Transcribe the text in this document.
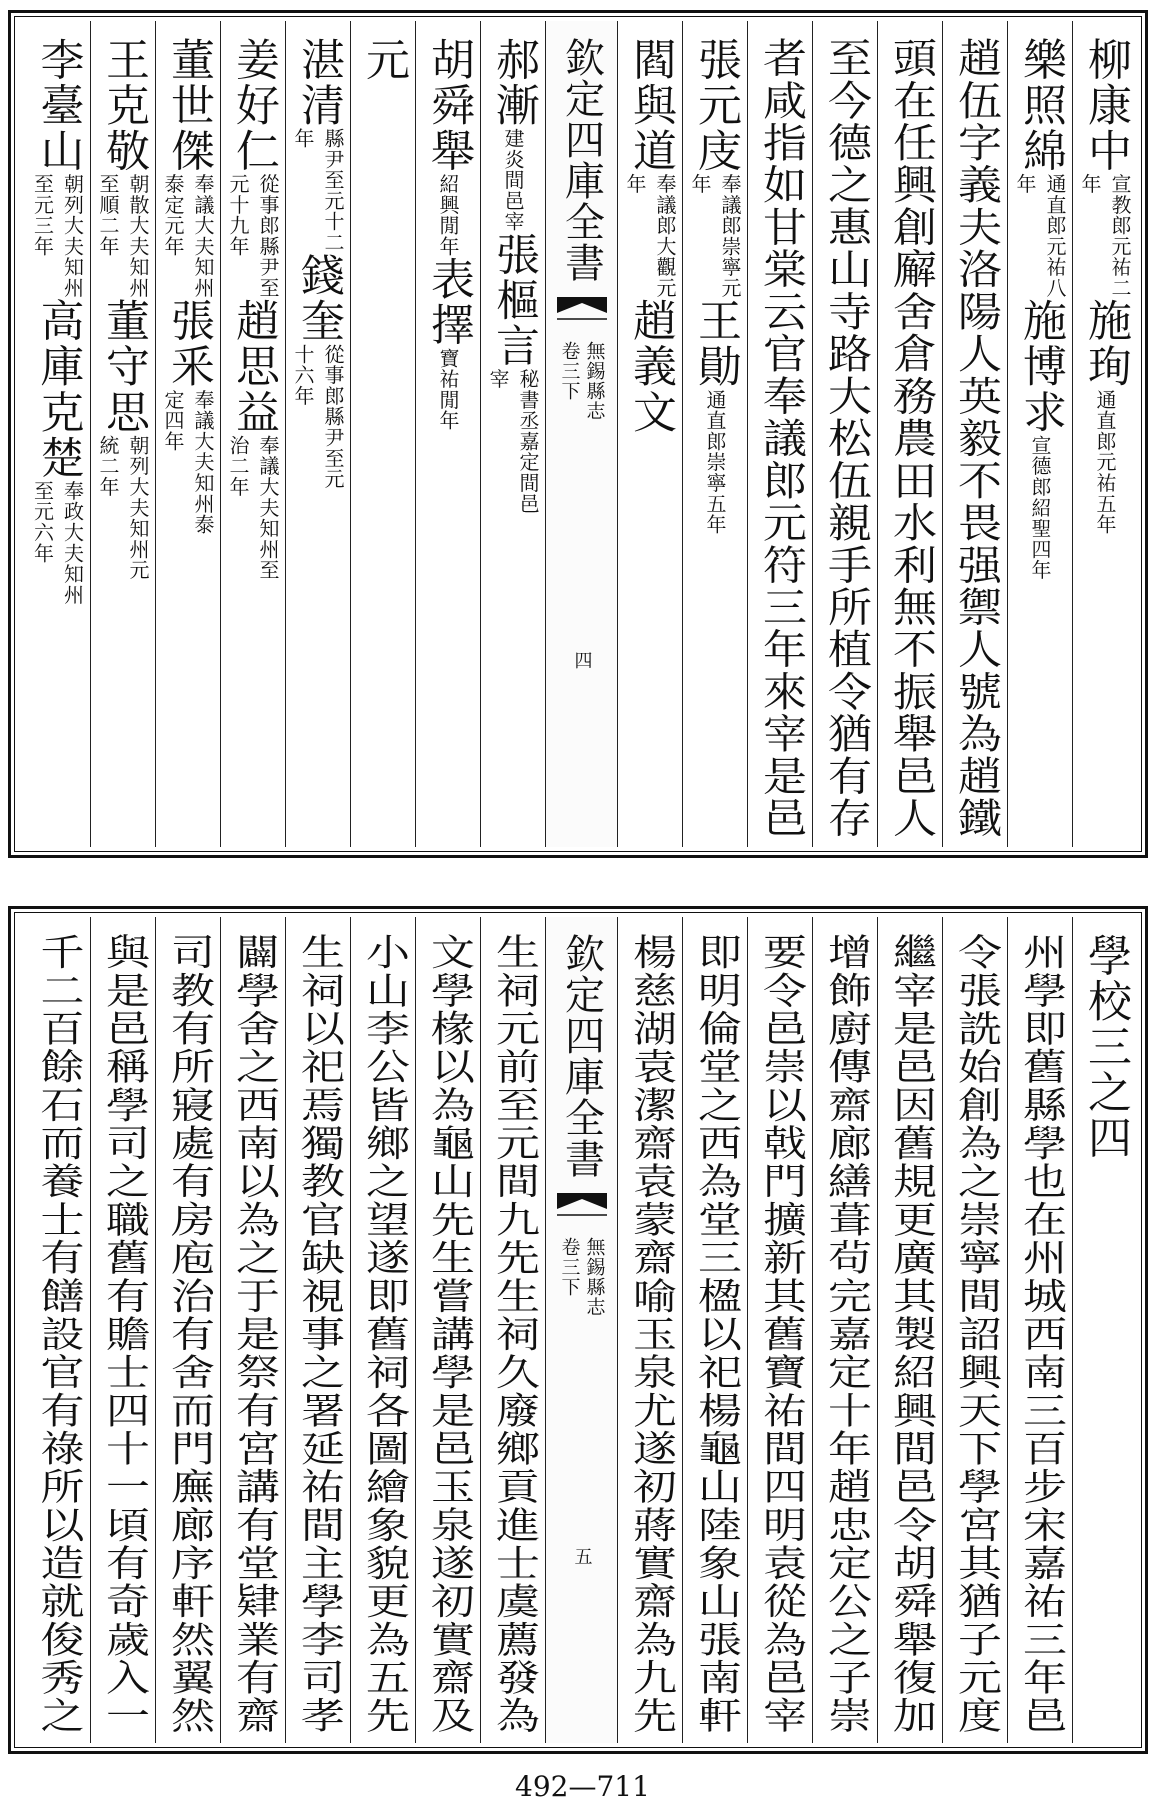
柳康中
宣教郎元祐二
年
施
珣
通直郎元祐五年
樂照綿
通直郎元祐八
年
施博求
宣德郎紹聖四年
趙伍字義夫洛陽人英毅不畏强禦人號為趙鐵
頭在任興創廨舍倉務農田水利無不振舉邑人
至今德之惠山寺路大松伍親手所植令猶有存
者咸指如甘棠云官奉議郎元符三年來宰是邑
張元庋
奉議郎崇寧元
年
王
勛
通直郎崇寧五年
閻與道
奉議郎大觀元
年
趙義文
欽定四庫全書
無錫縣志
卷三下
四
郝
漸
建炎間邑宰
張樞言
秘書丞嘉定間邑
宰
胡舜舉
紹興閒年
表
擇
寶祐閒年
元
湛
清
縣尹至元十二
年
錢
奎
從事郎縣尹至元
十六年
姜好仁
從事郎縣尹至
元十九年
趙思益
奉議大夫知州至
治二年
董世傑
奉議大夫知州
泰定元年
張
釆
奉議大夫知州泰
定四年
王克敬
朝散大夫知州
至順二年
董守思
朝列大夫知州元
統二年
李臺山
朝列大夫知州
至元三年
高庫克楚
奉政大夫知州
至元六年
學校三之四
州學即舊縣學也在州城西南三百步宋嘉祐三年邑
令張詵始創為之崇寧間詔興天下學宮其猶子元度
繼宰是邑因舊規更廣其製紹興間邑令胡舜舉復加
增飾廚傳齋廊繕葺茍完嘉定十年趙忠定公之子崇
要令邑崇以戟門擴新其舊寶祐間四明袁從為邑宰
即明倫堂之西為堂三楹以祀楊龜山陸象山張南軒
楊慈湖袁潔齋袁蒙齋喻玉泉尤遂初蔣實齋為九先
欽定四庫全書
無錫縣志
卷三下
五
生祠元前至元間九先生祠久廢鄉貢進士虞薦發為
文學椽以為龜山先生嘗講學是邑玉泉遂初實齋及
小山李公皆鄉之望遂即舊祠各圖繪象貌更為五先
生祠以祀焉獨教官缺視事之署延祐間主學李司孝
闢學舍之西南以為之于是祭有宮講有堂肄業有齋
司教有所寢處有房庖治有舍而門廡廊序軒然翼然
與是邑稱學司之職舊有贍士四十一頃有奇歲入一
千二百餘石而養士有饍設官有祿所以造就俊秀之
492—711
